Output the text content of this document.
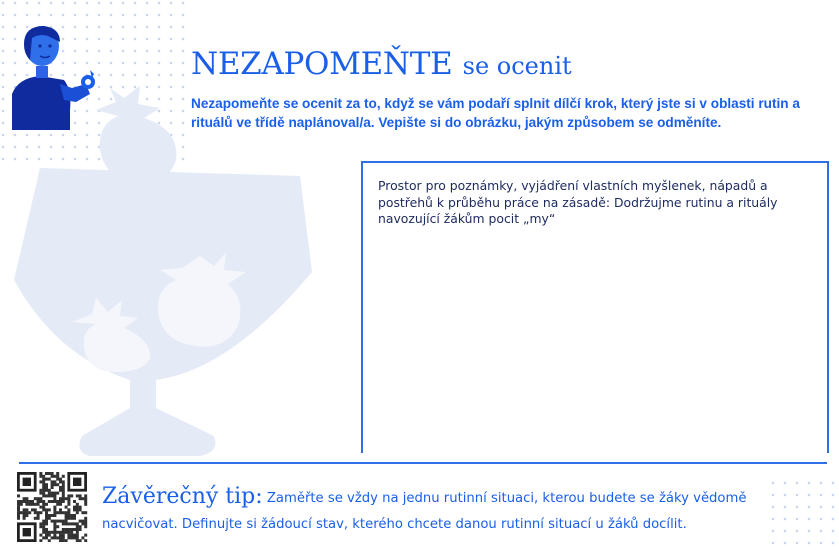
NEZAPOMEŇTE se ocenit
Nezapomeňte se ocenit za to, když se vám podaří splnit dílčí krok, který jste si v oblasti rutin a rituálů ve třídě naplánoval/a. Vepište si do obrázku, jakým způsobem se odměníte.
Prostor pro poznámky, vyjádření vlastních myšlenek, nápadů a postřehů k průběhu práce na zásadě: Dodržujme rutinu a rituály navozující žákům pocit „my“
Závěrečný tip: Zaměřte se vždy na jednu rutinní situaci, kterou budete se žáky vědomě nacvičovat. Definujte si žádoucí stav, kterého chcete danou rutinní situací u žáků docílit.
